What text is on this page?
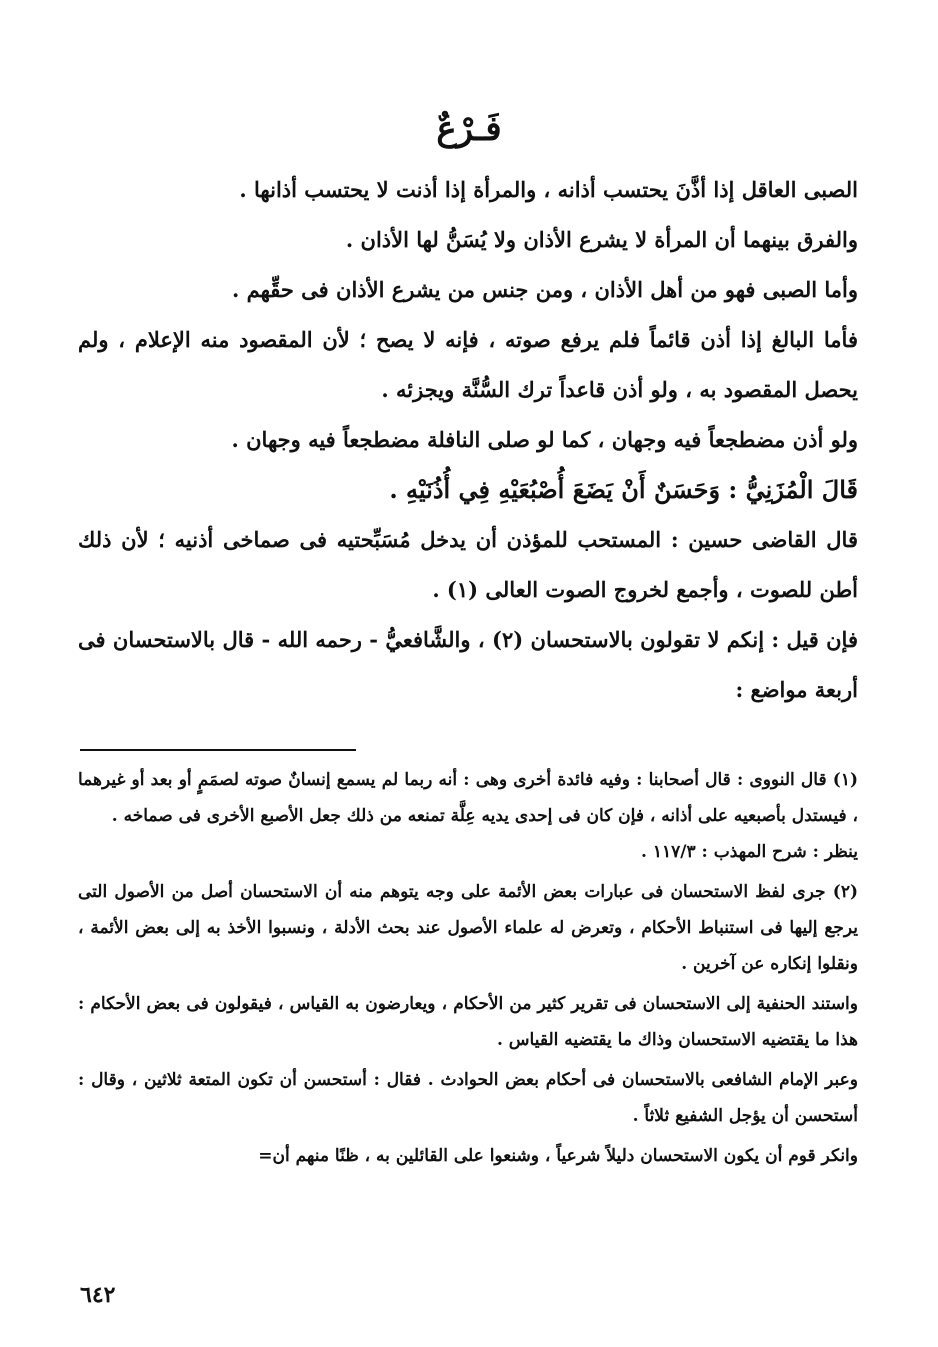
فَـرْعٌ

الصبى العاقل إذا أذَّنَ يحتسب أذانه ، والمرأة إذا أذنت لا يحتسب أذانها .

والفرق بينهما أن المرأة لا يشرع الأذان ولا يُسَنُّ لها الأذان .

وأما الصبى فهو من أهل الأذان ، ومن جنس من يشرع الأذان فى حقِّهم .

فأما البالغ إذا أذن قائماً فلم يرفع صوته ، فإنه لا يصح ؛ لأن المقصود منه الإعلام ، ولم يحصل المقصود به ، ولو أذن قاعداً ترك السُّنَّة ويجزئه .

ولو أذن مضطجعاً فيه وجهان ، كما لو صلى النافلة مضطجعاً فيه وجهان .

قَالَ الْمُزَنِيُّ : وَحَسَنٌ أَنْ يَضَعَ أُصْبُعَيْهِ فِي أُذُنَيْهِ .

قال القاضى حسين : المستحب للمؤذن أن يدخل مُسَبِّحتيه فى صماخى أذنيه ؛ لأن ذلك أطن للصوت ، وأجمع لخروج الصوت العالى (١) .

فإن قيل : إنكم لا تقولون بالاستحسان (٢) ، والشَّافعيُّ - رحمه الله - قال بالاستحسان فى أربعة مواضع :

(١) قال النووى : قال أصحابنا : وفيه فائدة أخرى وهى : أنه ربما لم يسمع إنسانٌ صوته لصمَمٍ أو بعد أو غيرهما ، فيستدل بأصبعيه على أذانه ، فإن كان فى إحدى يديه عِلَّة تمنعه من ذلك جعل الأصبع الأخرى فى صماخه .

ينظر : شرح المهذب : ١١٧/٣ .

(٢) جرى لفظ الاستحسان فى عبارات بعض الأئمة على وجه يتوهم منه أن الاستحسان أصل من الأصول التى يرجع إليها فى استنباط الأحكام ، وتعرض له علماء الأصول عند بحث الأدلة ، ونسبوا الأخذ به إلى بعض الأئمة ، ونقلوا إنكاره عن آخرين .

واستند الحنفية إلى الاستحسان فى تقرير كثير من الأحكام ، ويعارضون به القياس ، فيقولون فى بعض الأحكام : هذا ما يقتضيه الاستحسان وذاك ما يقتضيه القياس .

وعبر الإمام الشافعى بالاستحسان فى أحكام بعض الحوادث . فقال : أستحسن أن تكون المتعة ثلاثين ، وقال : أستحسن أن يؤجل الشفيع ثلاثاً .

وانكر قوم أن يكون الاستحسان دليلاً شرعياً ، وشنعوا على القائلين به ، ظنًا منهم أن=

٦٤٢
